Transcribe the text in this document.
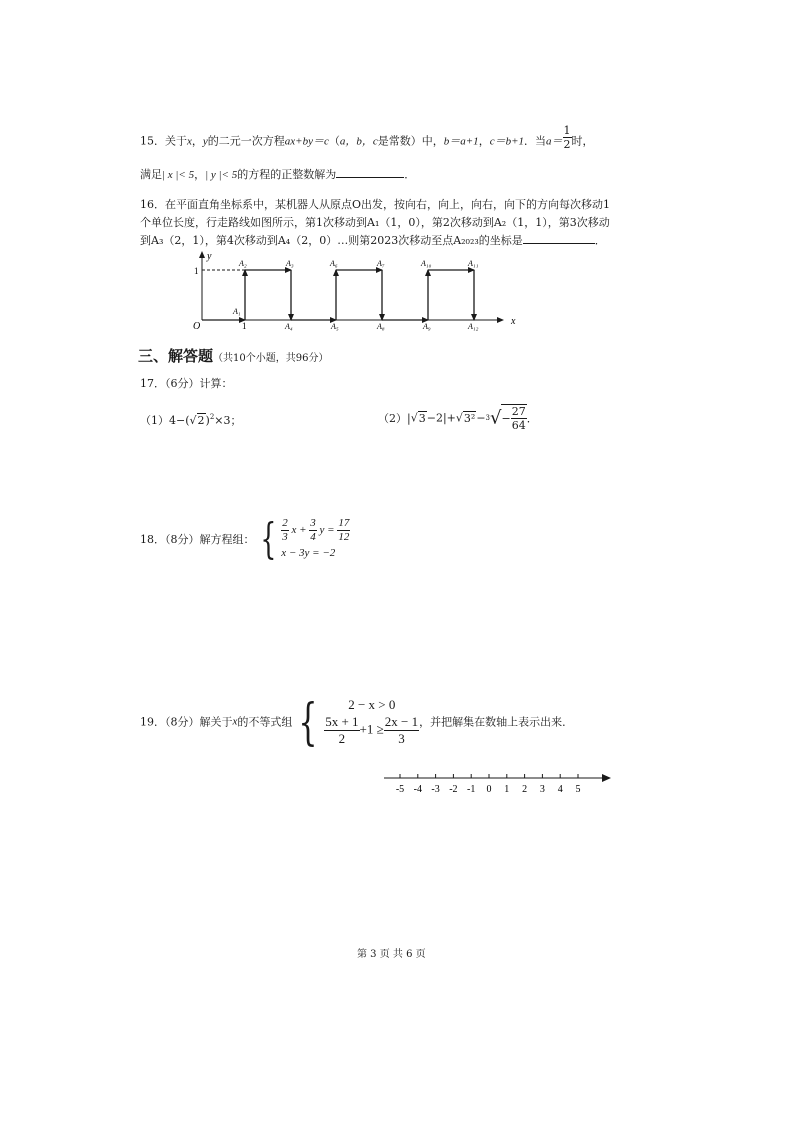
15．关于x，y的二元一次方程ax+by＝c（a，b，c是常数）中，b＝a+1，c＝b+1．当$a= \frac{1}{2}$ 时，
满足| x |< 5，| y |< 5的方程的正整数解为	．
16．在平面直角坐标系中，某机器人从原点O出发，按向右，向上，向右，向下的方向每次移动1
个单位长度，行走路线如图所示，第1次移动到A₁（1，0），第2次移动到A₂（1，1），第3次移动
到A₃（2，1），第4次移动到A₄（2，0）…则第2023次移动至点A₂₀₂₃的坐标是	．
y
x
O
1
1
A₂	A₃	A₆	A₇	A₁₀	A₁₁
A₁
A₄	A₅	A₈	A₉	A₁₂
三、解答题（共10个小题，共96分）
17．（6分）计算：
$(1)4-(√2)^2\times 3$；	$(2)|√3-2|+√3^2-3√- \frac{27}{64}$ ．
18．（8分）解方程组： { $\frac{2}{3}$ $x + \frac{3}{4}$ $y = \frac{17}{12}$
x − 3y = −2
19．（8分）解关于x的不等式组 {	2 − x > 0
$\frac{5x + 1}{2} +1 \ge \frac{2x - 1}{3}$ ，并把解集在数轴上表示出来．
-5 -4 -3 -2 -1 0 1 2 3 4 5
第 3 页 共 6 页
